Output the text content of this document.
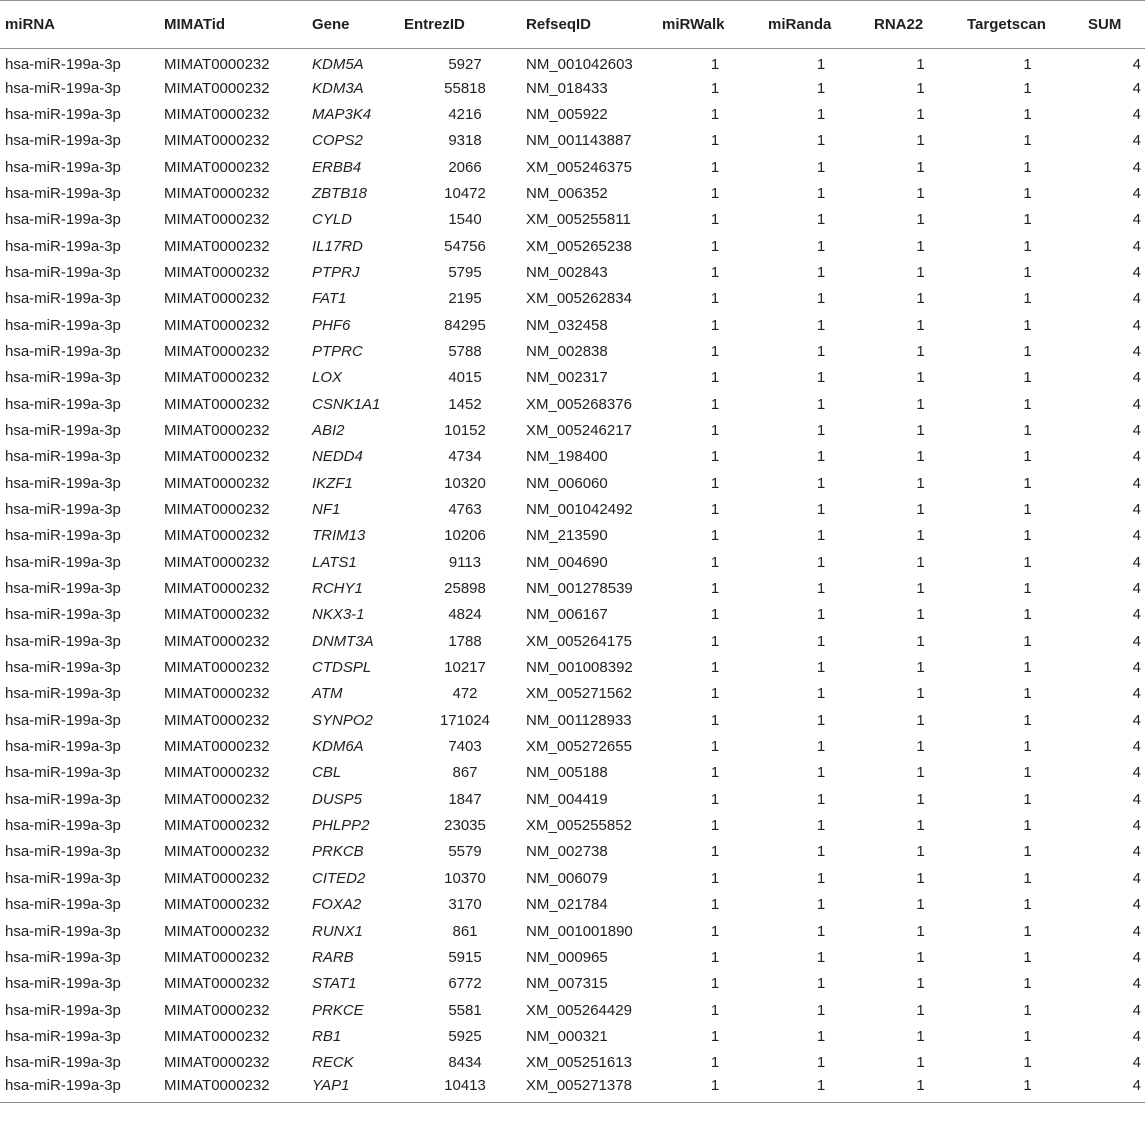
miRNA	MIMATid	Gene	EntrezID	RefseqID	miRWalk	miRanda	RNA22	Targetscan	SUM
hsa-miR-199a-3p	MIMAT0000232	KDM5A	5927	NM_001042603	1	1	1	1	4
hsa-miR-199a-3p	MIMAT0000232	KDM3A	55818	NM_018433	1	1	1	1	4
hsa-miR-199a-3p	MIMAT0000232	MAP3K4	4216	NM_005922	1	1	1	1	4
hsa-miR-199a-3p	MIMAT0000232	COPS2	9318	NM_001143887	1	1	1	1	4
hsa-miR-199a-3p	MIMAT0000232	ERBB4	2066	XM_005246375	1	1	1	1	4
hsa-miR-199a-3p	MIMAT0000232	ZBTB18	10472	NM_006352	1	1	1	1	4
hsa-miR-199a-3p	MIMAT0000232	CYLD	1540	XM_005255811	1	1	1	1	4
hsa-miR-199a-3p	MIMAT0000232	IL17RD	54756	XM_005265238	1	1	1	1	4
hsa-miR-199a-3p	MIMAT0000232	PTPRJ	5795	NM_002843	1	1	1	1	4
hsa-miR-199a-3p	MIMAT0000232	FAT1	2195	XM_005262834	1	1	1	1	4
hsa-miR-199a-3p	MIMAT0000232	PHF6	84295	NM_032458	1	1	1	1	4
hsa-miR-199a-3p	MIMAT0000232	PTPRC	5788	NM_002838	1	1	1	1	4
hsa-miR-199a-3p	MIMAT0000232	LOX	4015	NM_002317	1	1	1	1	4
hsa-miR-199a-3p	MIMAT0000232	CSNK1A1	1452	XM_005268376	1	1	1	1	4
hsa-miR-199a-3p	MIMAT0000232	ABI2	10152	XM_005246217	1	1	1	1	4
hsa-miR-199a-3p	MIMAT0000232	NEDD4	4734	NM_198400	1	1	1	1	4
hsa-miR-199a-3p	MIMAT0000232	IKZF1	10320	NM_006060	1	1	1	1	4
hsa-miR-199a-3p	MIMAT0000232	NF1	4763	NM_001042492	1	1	1	1	4
hsa-miR-199a-3p	MIMAT0000232	TRIM13	10206	NM_213590	1	1	1	1	4
hsa-miR-199a-3p	MIMAT0000232	LATS1	9113	NM_004690	1	1	1	1	4
hsa-miR-199a-3p	MIMAT0000232	RCHY1	25898	NM_001278539	1	1	1	1	4
hsa-miR-199a-3p	MIMAT0000232	NKX3-1	4824	NM_006167	1	1	1	1	4
hsa-miR-199a-3p	MIMAT0000232	DNMT3A	1788	XM_005264175	1	1	1	1	4
hsa-miR-199a-3p	MIMAT0000232	CTDSPL	10217	NM_001008392	1	1	1	1	4
hsa-miR-199a-3p	MIMAT0000232	ATM	472	XM_005271562	1	1	1	1	4
hsa-miR-199a-3p	MIMAT0000232	SYNPO2	171024	NM_001128933	1	1	1	1	4
hsa-miR-199a-3p	MIMAT0000232	KDM6A	7403	XM_005272655	1	1	1	1	4
hsa-miR-199a-3p	MIMAT0000232	CBL	867	NM_005188	1	1	1	1	4
hsa-miR-199a-3p	MIMAT0000232	DUSP5	1847	NM_004419	1	1	1	1	4
hsa-miR-199a-3p	MIMAT0000232	PHLPP2	23035	XM_005255852	1	1	1	1	4
hsa-miR-199a-3p	MIMAT0000232	PRKCB	5579	NM_002738	1	1	1	1	4
hsa-miR-199a-3p	MIMAT0000232	CITED2	10370	NM_006079	1	1	1	1	4
hsa-miR-199a-3p	MIMAT0000232	FOXA2	3170	NM_021784	1	1	1	1	4
hsa-miR-199a-3p	MIMAT0000232	RUNX1	861	NM_001001890	1	1	1	1	4
hsa-miR-199a-3p	MIMAT0000232	RARB	5915	NM_000965	1	1	1	1	4
hsa-miR-199a-3p	MIMAT0000232	STAT1	6772	NM_007315	1	1	1	1	4
hsa-miR-199a-3p	MIMAT0000232	PRKCE	5581	XM_005264429	1	1	1	1	4
hsa-miR-199a-3p	MIMAT0000232	RB1	5925	NM_000321	1	1	1	1	4
hsa-miR-199a-3p	MIMAT0000232	RECK	8434	XM_005251613	1	1	1	1	4
hsa-miR-199a-3p	MIMAT0000232	YAP1	10413	XM_005271378	1	1	1	1	4
